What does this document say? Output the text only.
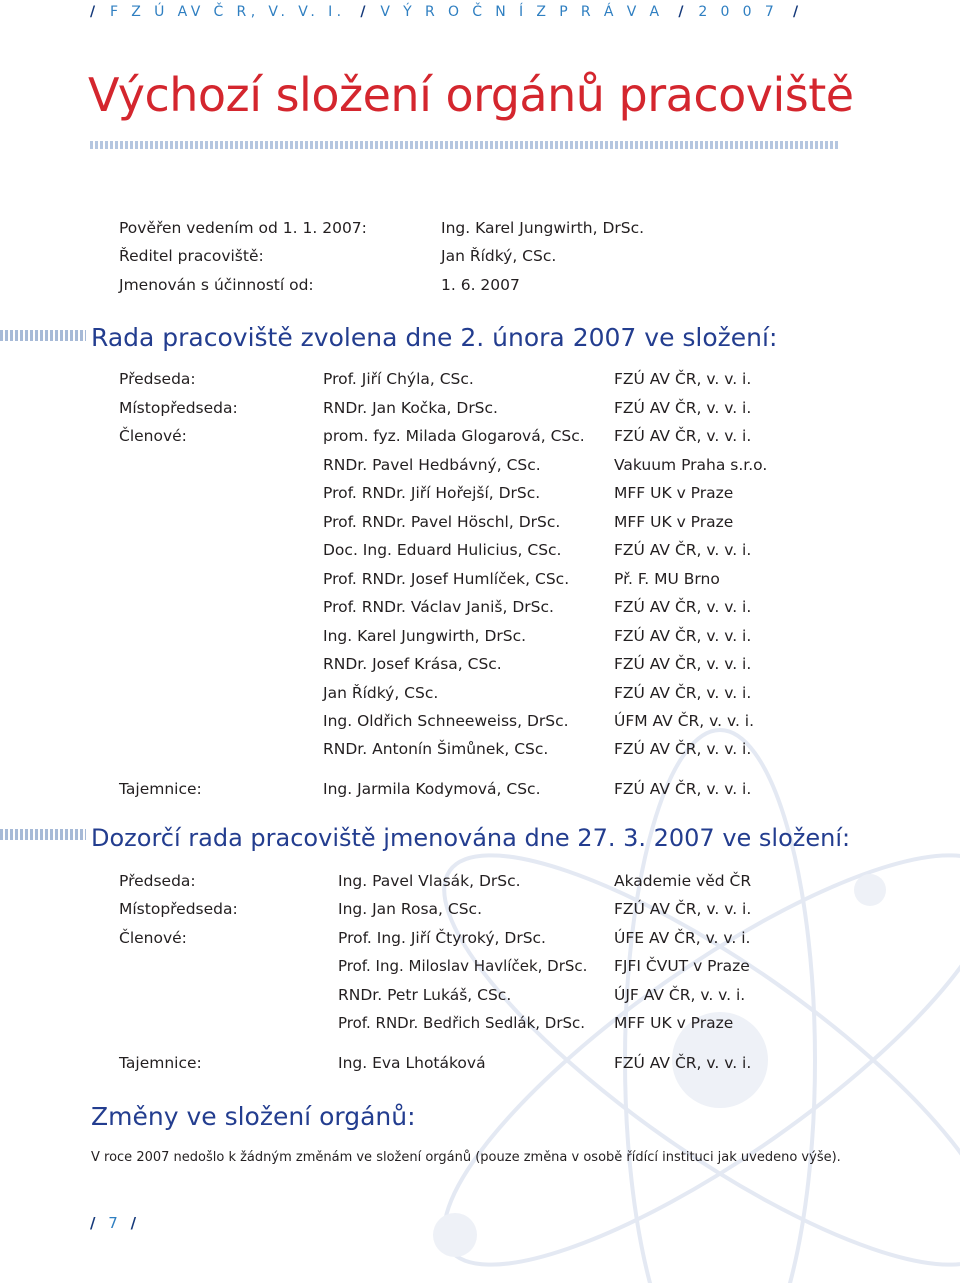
/ F Z Ú AV Č R, V. V. I. / V Ý R O Č N Í Z P R Á V A / 2 0 0 7 /
Výchozí složení orgánů pracoviště
Pověřen vedením od 1. 1. 2007:	Ing. Karel Jungwirth, DrSc.
Ředitel pracoviště:	Jan Řídký, CSc.
Jmenován s účinností od:	1. 6. 2007
Rada pracoviště zvolena dne 2. února 2007 ve složení:
Předseda:	Prof. Jiří Chýla, CSc.	FZÚ AV ČR, v. v. i.
Místopředseda:	RNDr. Jan Kočka, DrSc.	FZÚ AV ČR, v. v. i.
Členové:	prom. fyz. Milada Glogarová, CSc. FZÚ AV ČR, v. v. i.
RNDr. Pavel Hedbávný, CSc.	Vakuum Praha s.r.o.
Prof. RNDr. Jiří Hořejší, DrSc.	MFF UK v Praze
Prof. RNDr. Pavel Höschl, DrSc.	MFF UK v Praze
Doc. Ing. Eduard Hulicius, CSc.	FZÚ AV ČR, v. v. i.
Prof. RNDr. Josef Humlíček, CSc.	Př. F. MU Brno
Prof. RNDr. Václav Janiš, DrSc.	FZÚ AV ČR, v. v. i.
Ing. Karel Jungwirth, DrSc.	FZÚ AV ČR, v. v. i.
RNDr. Josef Krása, CSc.	FZÚ AV ČR, v. v. i.
Jan Řídký, CSc.	FZÚ AV ČR, v. v. i.
Ing. Oldřich Schneeweiss, DrSc.	ÚFM AV ČR, v. v. i.
RNDr. Antonín Šimůnek, CSc.	FZÚ AV ČR, v. v. i.
Tajemnice:	Ing. Jarmila Kodymová, CSc.	FZÚ AV ČR, v. v. i.
Dozorčí rada pracoviště jmenována dne 27. 3. 2007 ve složení:
Předseda:	Ing. Pavel Vlasák, DrSc.	Akademie věd ČR
Místopředseda:	Ing. Jan Rosa, CSc.	FZÚ AV ČR, v. v. i.
Členové:	Prof. Ing. Jiří Čtyroký, DrSc.	ÚFE AV ČR, v. v. i.
Prof. Ing. Miloslav Havlíček, DrSc. FJFI ČVUT v Praze
RNDr. Petr Lukáš, CSc.	ÚJF AV ČR, v. v. i.
Prof. RNDr. Bedřich Sedlák, DrSc. MFF UK v Praze
Tajemnice:	Ing. Eva Lhotáková	FZÚ AV ČR, v. v. i.
Změny ve složení orgánů:
V roce 2007 nedošlo k žádným změnám ve složení orgánů (pouze změna v osobě řídící instituci jak uvedeno výše).
/ 7 /
